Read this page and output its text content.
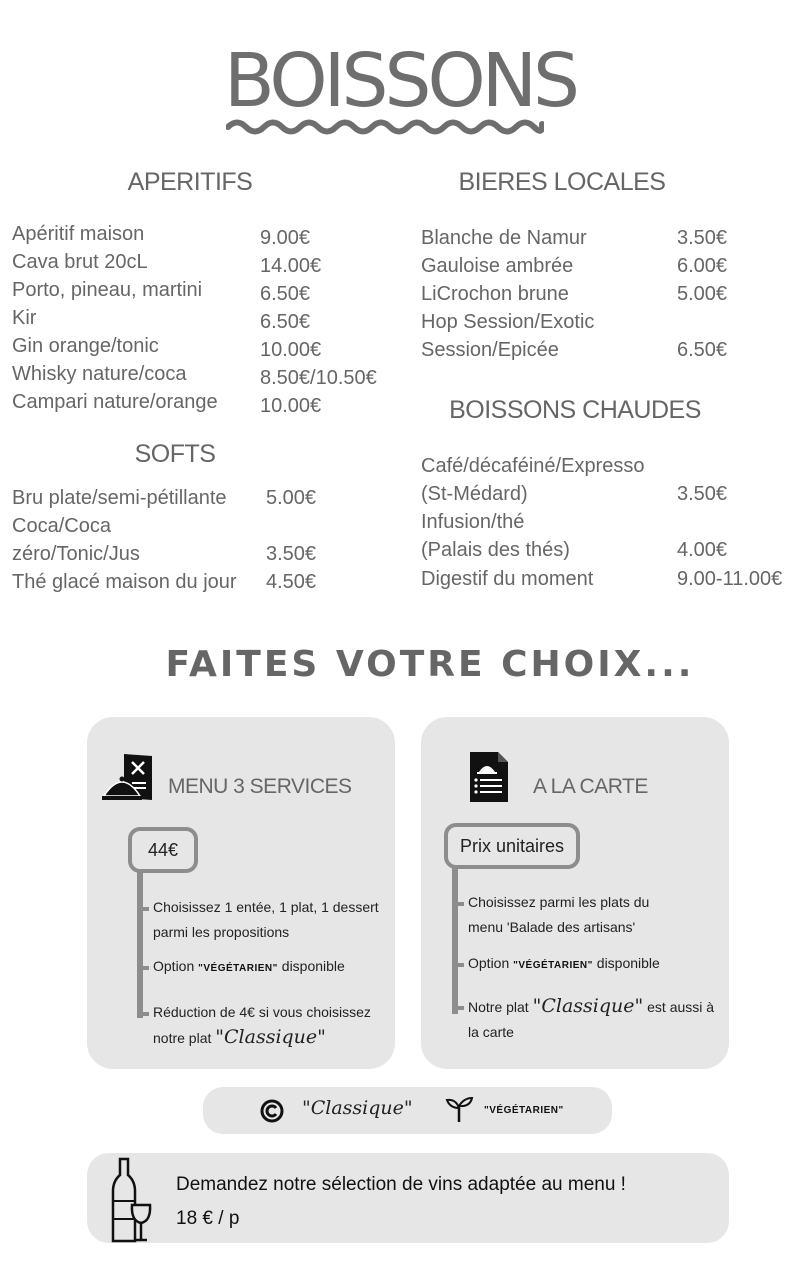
BOISSONS
APERITIFS
Apéritif maison	9.00€
Cava brut 20cL	14.00€
Porto, pineau, martini	6.50€
Kir	6.50€
Gin orange/tonic	10.00€
Whisky nature/coca	8.50€/10.50€
Campari nature/orange 10.00€
SOFTS
Bru plate/semi-pétillante 5.00€
Coca/Coca
zéro/Tonic/Jus	3.50€
Thé glacé maison du jour 4.50€
BIERES LOCALES
Blanche de Namur	3.50€
Gauloise ambrée	6.00€
LiCrochon brune	5.00€
Hop Session/Exotic
Session/Epicée	6.50€
BOISSONS CHAUDES
Café/décaféiné/Expresso
(St-Médard)	3.50€
Infusion/thé
(Palais des thés)	4.00€
Digestif du moment	9.00-11.00€
FAITES VOTRE CHOIX...
MENU 3 SERVICES
44€
Choisissez 1 entée, 1 plat, 1 dessert
parmi les propositions
Option "VÉGÉTARIEN" disponible
Réduction de 4€ si vous choisissez
notre plat "Classique"
A LA CARTE
Prix unitaires
Choisissez parmi les plats du
menu 'Balade des artisans'
Option "VÉGÉTARIEN" disponible
Notre plat "Classique" est aussi à
la carte
"Classique"	"VÉGÉTARIEN"
Demandez notre sélection de vins adaptée au menu !
18 € / p
